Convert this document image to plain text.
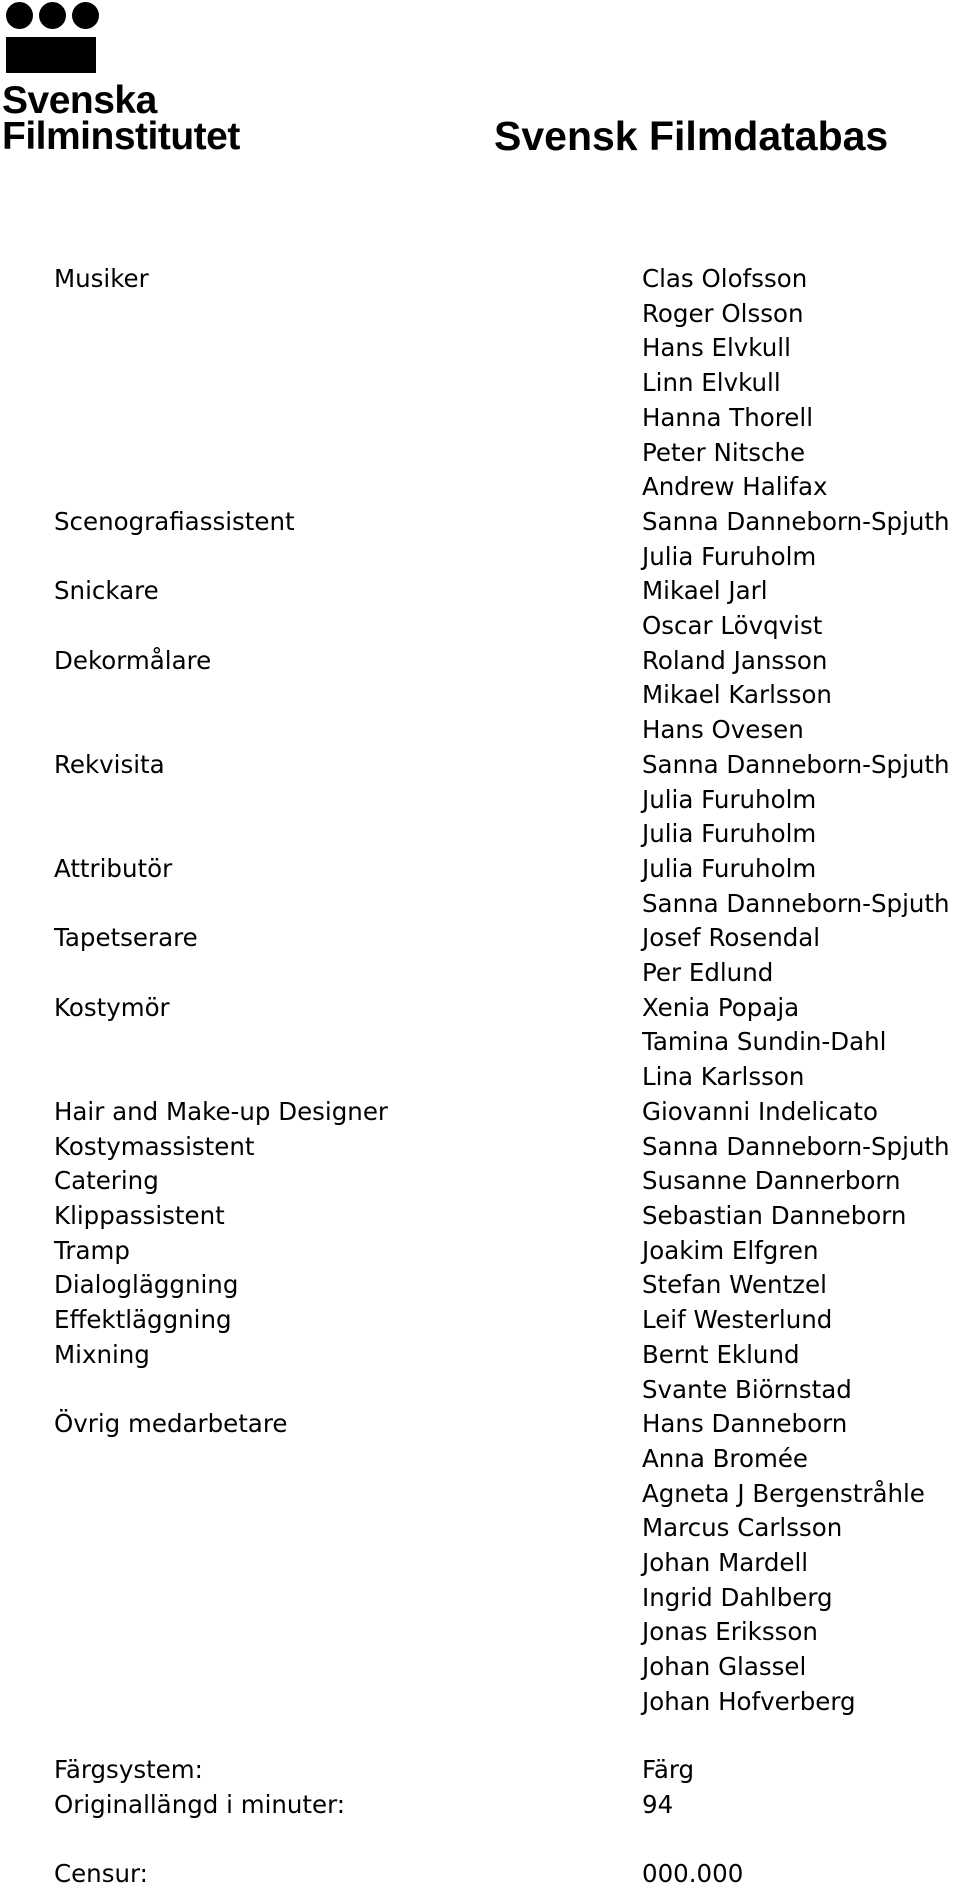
Svenska
Filminstitutet	Svensk Filmdatabas
Musiker	Clas Olofsson
Roger Olsson
Hans Elvkull
Linn Elvkull
Hanna Thorell
Peter Nitsche
Andrew Halifax
Scenografiassistent	Sanna Danneborn-Spjuth
Julia Furuholm
Snickare	Mikael Jarl
Oscar Lövqvist
Dekormålare	Roland Jansson
Mikael Karlsson
Hans Ovesen
Rekvisita	Sanna Danneborn-Spjuth
Julia Furuholm
Julia Furuholm
Attributör	Julia Furuholm
Sanna Danneborn-Spjuth
Tapetserare	Josef Rosendal
Per Edlund
Kostymör	Xenia Popaja
Tamina Sundin-Dahl
Lina Karlsson
Hair and Make-up Designer	Giovanni Indelicato
Kostymassistent	Sanna Danneborn-Spjuth
Catering	Susanne Dannerborn
Klippassistent	Sebastian Danneborn
Tramp	Joakim Elfgren
Dialogläggning	Stefan Wentzel
Effektläggning	Leif Westerlund
Mixning	Bernt Eklund
Svante Biörnstad
Övrig medarbetare	Hans Danneborn
Anna Bromée
Agneta J Bergenstråhle
Marcus Carlsson
Johan Mardell
Ingrid Dahlberg
Jonas Eriksson
Johan Glassel
Johan Hofverberg
Färgsystem:	Färg
Originallängd i minuter:	94
Censur:	000.000
